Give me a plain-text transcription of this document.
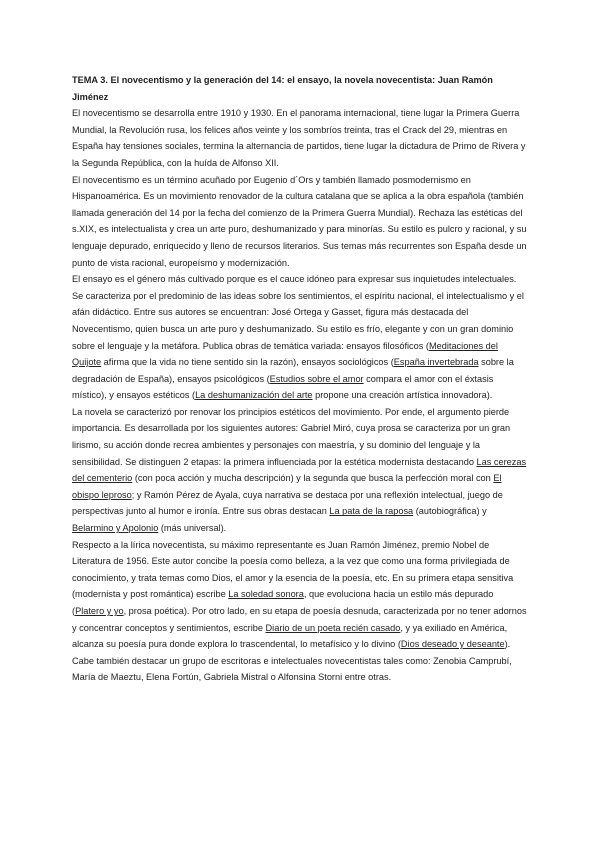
TEMA 3. El novecentismo y la generación del 14: el ensayo, la novela novecentista: Juan Ramón Jiménez

El novecentismo se desarrolla entre 1910 y 1930. En el panorama internacional, tiene lugar la Primera Guerra Mundial, la Revolución rusa, los felices años veinte y los sombríos treinta, tras el Crack del 29, mientras en España hay tensiones sociales, termina la alternancia de partidos, tiene lugar la dictadura de Primo de Rivera y la Segunda República, con la huída de Alfonso XII.

El novecentismo es un término acuñado por Eugenio d´Ors y también llamado posmodernismo en Hispanoamérica. Es un movimiento renovador de la cultura catalana que se aplica a la obra española (también llamada generación del 14 por la fecha del comienzo de la Primera Guerra Mundial). Rechaza las estéticas del s.XIX, es intelectualista y crea un arte puro, deshumanizado y para minorías. Su estilo es pulcro y racional, y su lenguaje depurado, enriquecido y lleno de recursos literarios. Sus temas más recurrentes son España desde un punto de vista racional, europeísmo y modernización.

El ensayo es el género más cultivado porque es el cauce idóneo para expresar sus inquietudes intelectuales. Se caracteriza por el predominio de las ideas sobre los sentimientos, el espíritu nacional, el intelectualismo y el afán didáctico. Entre sus autores se encuentran: José Ortega y Gasset, figura más destacada del Novecentismo, quien busca un arte puro y deshumanizado. Su estilo es frío, elegante y con un gran dominio sobre el lenguaje y la metáfora. Publica obras de temática variada: ensayos filosóficos (Meditaciones del Quijote afirma que la vida no tiene sentido sin la razón), ensayos sociológicos (España invertebrada sobre la degradación de España), ensayos psicológicos (Estudios sobre el amor compara el amor con el éxtasis místico), y ensayos estéticos (La deshumanización del arte propone una creación artística innovadora).

La novela se caracterizó por renovar los principios estéticos del movimiento. Por ende, el argumento pierde importancia. Es desarrollada por los siguientes autores: Gabriel Miró, cuya prosa se caracteriza por un gran lirismo, su acción donde recrea ambientes y personajes con maestría, y su dominio del lenguaje y la sensibilidad. Se distinguen 2 etapas: la primera influenciada por la estética modernista destacando Las cerezas del cementerio (con poca acción y mucha descripción) y la segunda que busca la perfección moral con El obispo leproso; y Ramón Pérez de Ayala, cuya narrativa se destaca por una reflexión intelectual, juego de perspectivas junto al humor e ironía. Entre sus obras destacan La pata de la raposa (autobiográfica) y Belarmino y Apolonio (más universal).

Respecto a la lírica novecentista, su máximo representante es Juan Ramón Jiménez, premio Nobel de Literatura de 1956. Este autor concibe la poesía como belleza, a la vez que como una forma privilegiada de conocimiento, y trata temas como Dios, el amor y la esencia de la poesía, etc. En su primera etapa sensitiva (modernista y post romántica) escribe La soledad sonora, que evoluciona hacia un estilo más depurado (Platero y yo, prosa poética). Por otro lado, en su etapa de poesía desnuda, caracterizada por no tener adornos y concentrar conceptos y sentimientos, escribe Diario de un poeta recién casado, y ya exiliado en América, alcanza su poesía pura donde explora lo trascendental, lo metafísico y lo divino (Dios deseado y deseante).

Cabe también destacar un grupo de escritoras e intelectuales novecentistas tales como: Zenobia Camprubí, María de Maeztu, Elena Fortún, Gabriela Mistral o Alfonsina Storni entre otras.
